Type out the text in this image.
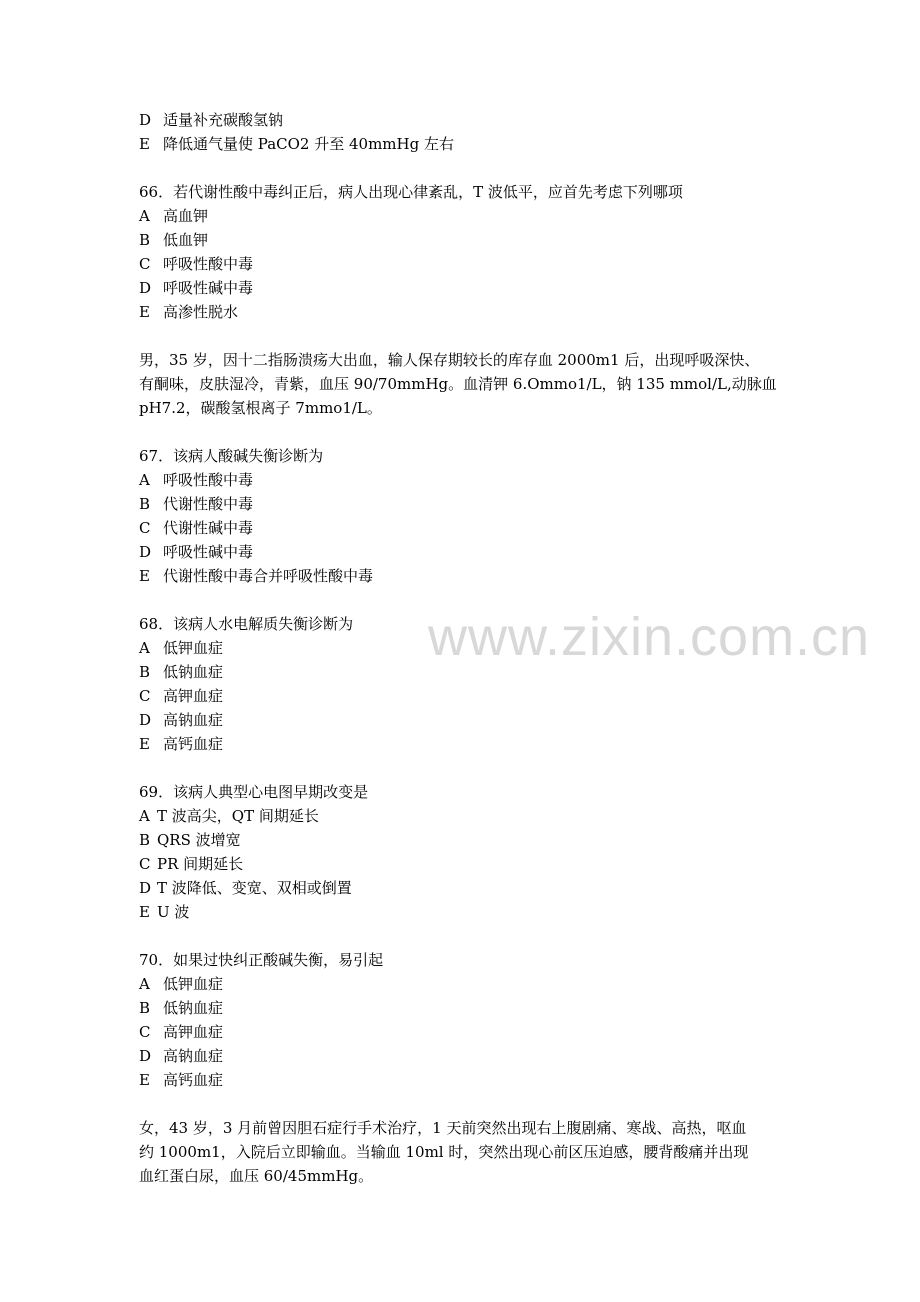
www.zixin.com.cn
D 适量补充碳酸氢钠
E 降低通气量使 PaCO2 升至 40mmHg 左右
66．若代谢性酸中毒纠正后，病人出现心律紊乱，T 波低平，应首先考虑下列哪项
A 高血钾
B 低血钾
C 呼吸性酸中毒
D 呼吸性碱中毒
E 高渗性脱水
男，35 岁，因十二指肠溃疡大出血，输人保存期较长的库存血 2000m1 后，出现呼吸深快、
有酮味，皮肤湿冷，青紫，血压 90/70mmHg。血清钾 6.Ommo1/L，钠 135 mmol/L,动脉血
pH7.2，碳酸氢根离子 7mmo1/L。
67．该病人酸碱失衡诊断为
A 呼吸性酸中毒
B 代谢性酸中毒
C 代谢性碱中毒
D 呼吸性碱中毒
E 代谢性酸中毒合并呼吸性酸中毒
68．该病人水电解质失衡诊断为
A 低钾血症
B 低钠血症
C 高钾血症
D 高钠血症
E 高钙血症
69．该病人典型心电图早期改变是
A T 波高尖，QT 间期延长
B QRS 波增宽
C PR 间期延长
D T 波降低、变宽、双相或倒置
E U 波
70．如果过快纠正酸碱失衡，易引起
A 低钾血症
B 低钠血症
C 高钾血症
D 高钠血症
E 高钙血症
女，43 岁，3 月前曾因胆石症行手术治疗，1 天前突然出现右上腹剧痛、寒战、高热，呕血
约 1000m1，入院后立即输血。当输血 10ml 时，突然出现心前区压迫感，腰背酸痛并出现
血红蛋白尿，血压 60/45mmHg。
